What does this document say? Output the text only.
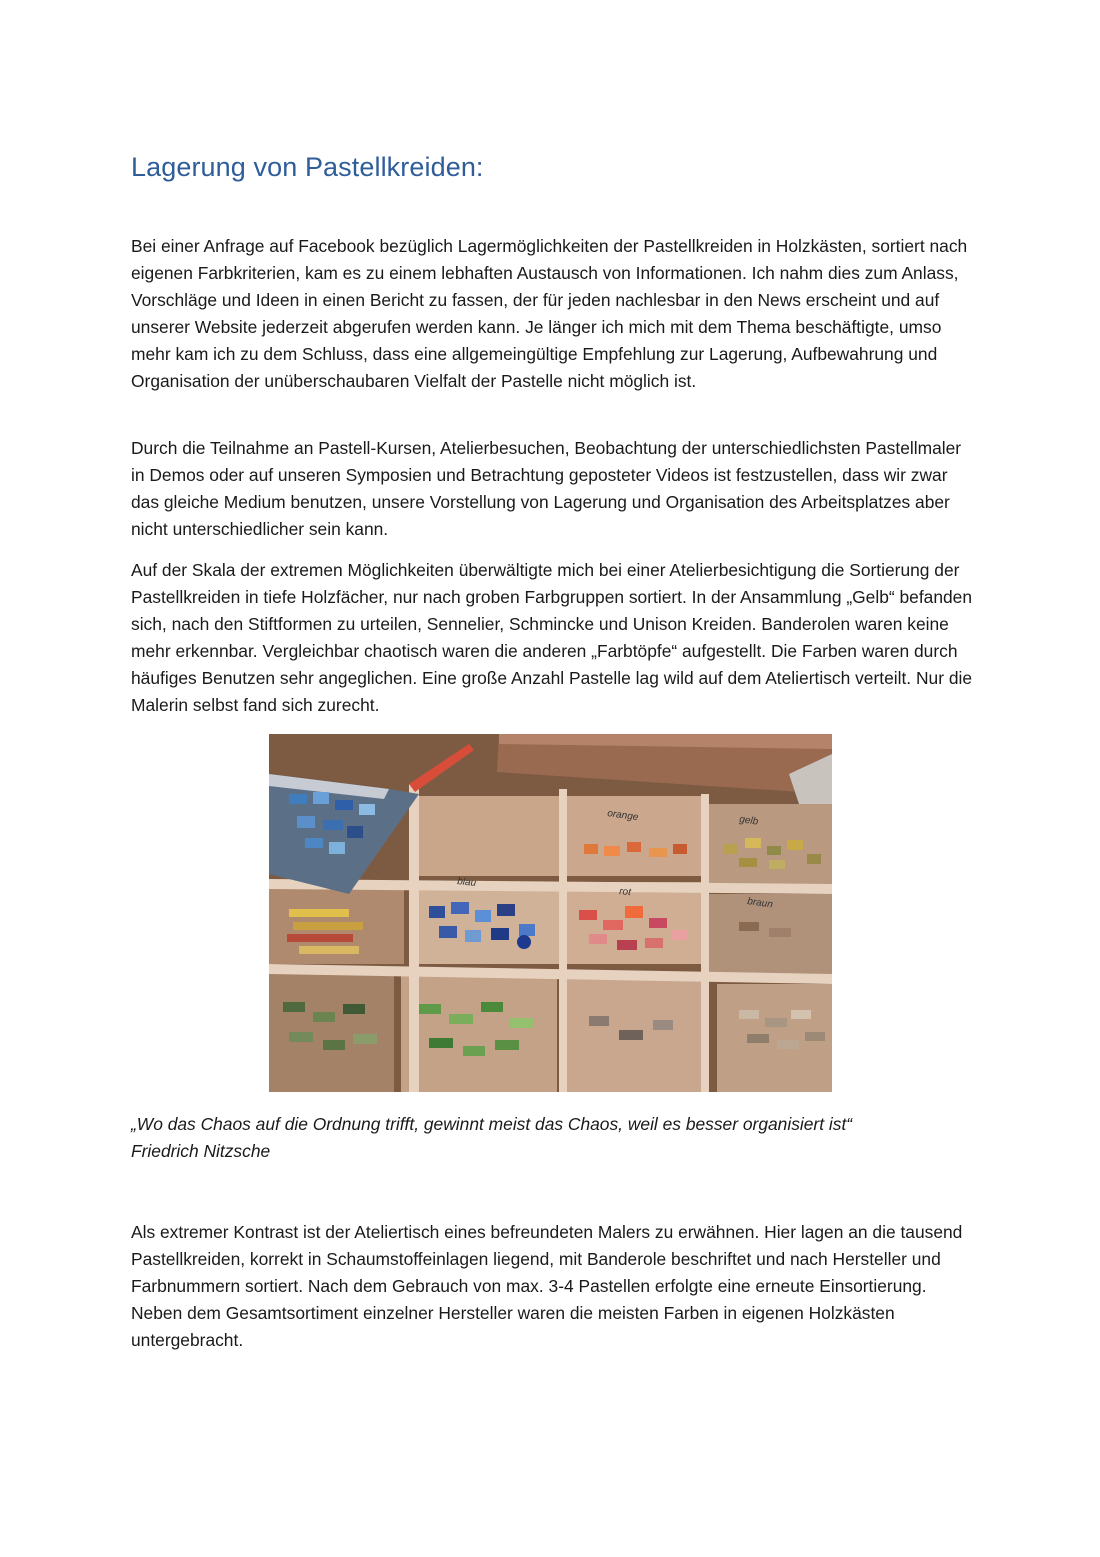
Lagerung von Pastellkreiden:

Bei einer Anfrage auf Facebook bezüglich Lagermöglichkeiten der Pastellkreiden in Holzkästen, sortiert nach eigenen Farbkriterien, kam es zu einem lebhaften Austausch von Informationen. Ich nahm dies zum Anlass, Vorschläge und Ideen in einen Bericht zu fassen, der für jeden nachlesbar in den News erscheint und auf unserer Website jederzeit abgerufen werden kann. Je länger ich mich mit dem Thema beschäftigte, umso mehr kam ich zu dem Schluss, dass eine allgemeingültige Empfehlung zur Lagerung, Aufbewahrung und Organisation der unüberschaubaren Vielfalt der Pastelle nicht möglich ist.

Durch die Teilnahme an Pastell-Kursen, Atelierbesuchen, Beobachtung der unterschiedlichsten Pastellmaler in Demos oder auf unseren Symposien und Betrachtung geposteter Videos ist festzustellen, dass wir zwar das gleiche Medium benutzen, unsere Vorstellung von Lagerung und Organisation des Arbeitsplatzes aber nicht unterschiedlicher sein kann.

Auf der Skala der extremen Möglichkeiten überwältigte mich bei einer Atelierbesichtigung die Sortierung der Pastellkreiden in tiefe Holzfächer, nur nach groben Farbgruppen sortiert. In der Ansammlung „Gelb“ befanden sich, nach den Stiftformen zu urteilen, Sennelier, Schmincke und Unison Kreiden. Banderolen waren keine mehr erkennbar. Vergleichbar chaotisch waren die anderen „Farbtöpfe“ aufgestellt. Die Farben waren durch häufiges Benutzen sehr angeglichen. Eine große Anzahl Pastelle lag wild auf dem Ateliertisch verteilt. Nur die Malerin selbst fand sich zurecht.

orange	gelb
blau
rot
braun

„Wo das Chaos auf die Ordnung trifft, gewinnt meist das Chaos, weil es besser organisiert ist“
Friedrich Nitzsche

Als extremer Kontrast ist der Ateliertisch eines befreundeten Malers zu erwähnen. Hier lagen an die tausend Pastellkreiden, korrekt in Schaumstoffeinlagen liegend, mit Banderole beschriftet und nach Hersteller und Farbnummern sortiert. Nach dem Gebrauch von max. 3-4 Pastellen erfolgte eine erneute Einsortierung. Neben dem Gesamtsortiment einzelner Hersteller waren die meisten Farben in eigenen Holzkästen untergebracht.
